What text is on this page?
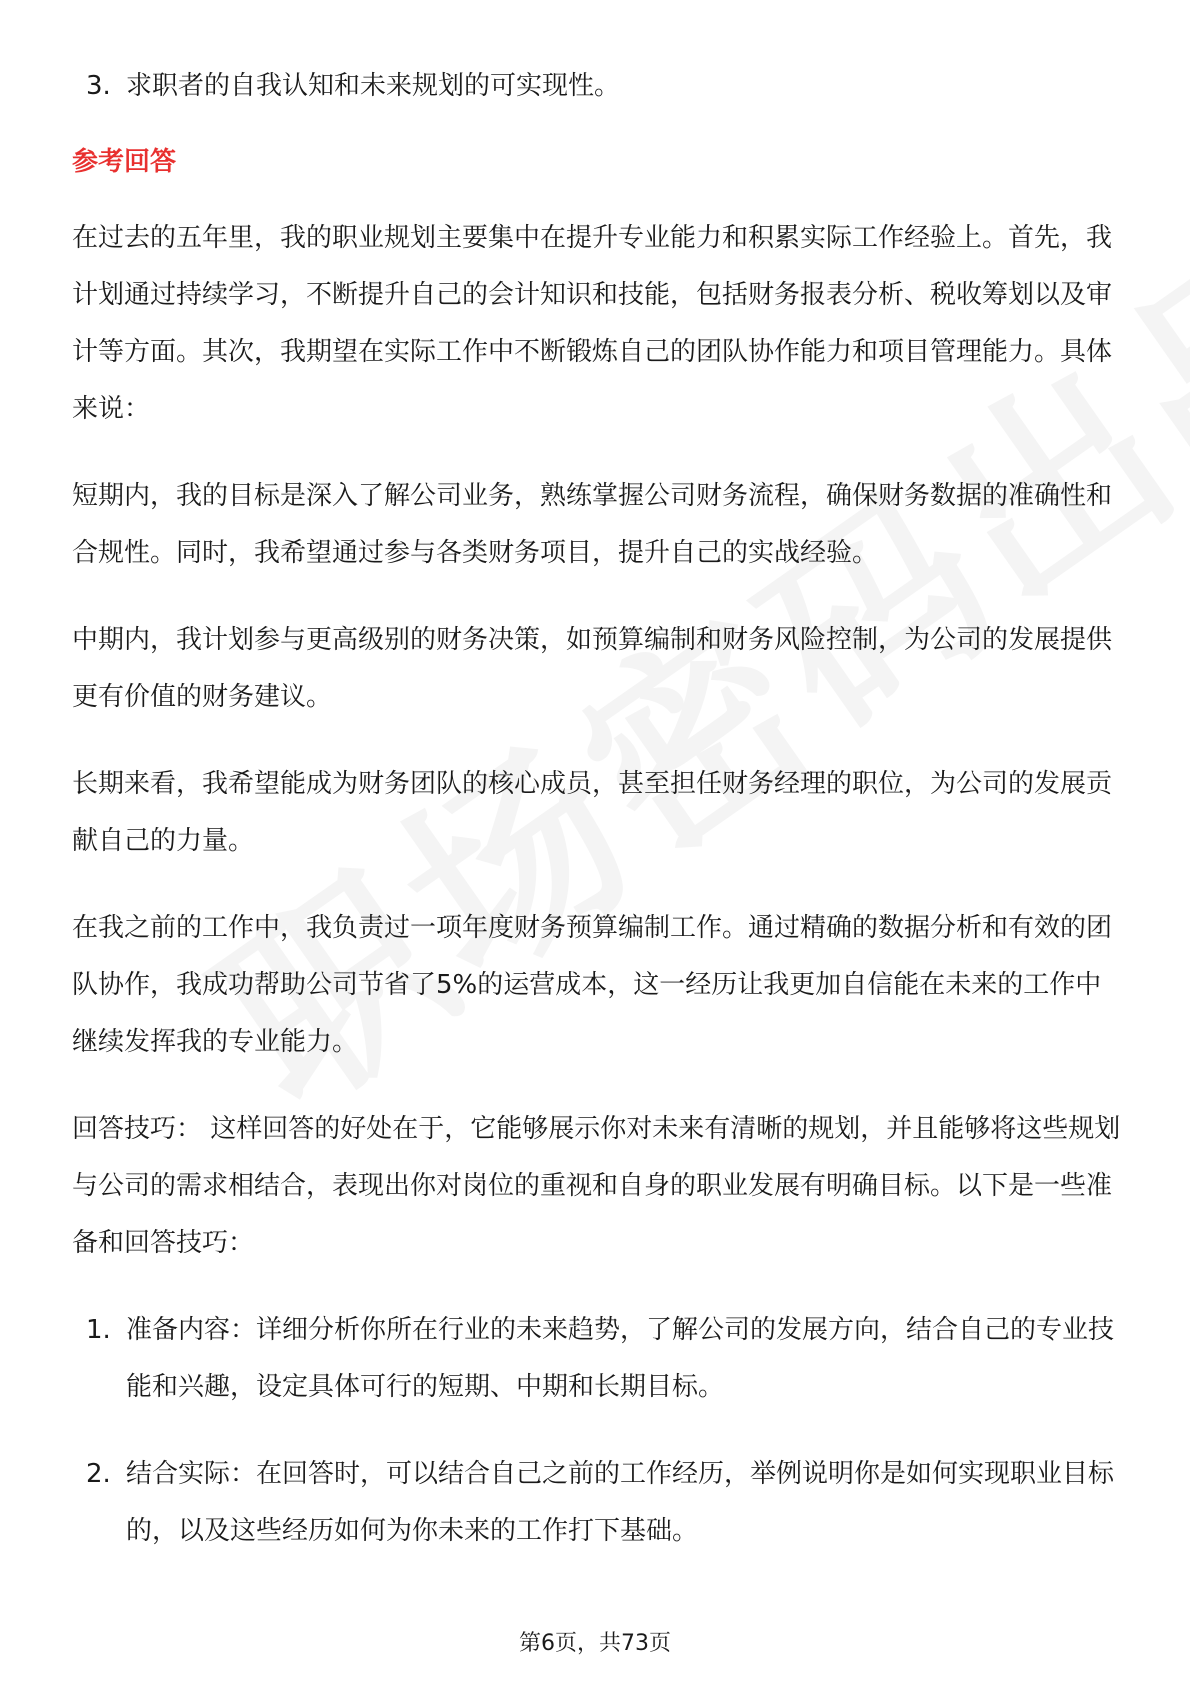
3. 求职者的自我认知和未来规划的可实现性。
参考回答

在过去的五年里，我的职业规划主要集中在提升专业能力和积累实际工作经验上。首先，我计划通过持续学习，不断提升自己的会计知识和技能，包括财务报表分析、税收筹划以及审计等方面。其次，我期望在实际工作中不断锻炼自己的团队协作能力和项目管理能力。具体来说：

短期内，我的目标是深入了解公司业务，熟练掌握公司财务流程，确保财务数据的准确性和合规性。同时，我希望通过参与各类财务项目，提升自己的实战经验。

中期内，我计划参与更高级别的财务决策，如预算编制和财务风险控制，为公司的发展提供更有价值的财务建议。

长期来看，我希望能成为财务团队的核心成员，甚至担任财务经理的职位，为公司的发展贡献自己的力量。

在我之前的工作中，我负责过一项年度财务预算编制工作。通过精确的数据分析和有效的团队协作，我成功帮助公司节省了5%的运营成本，这一经历让我更加自信能在未来的工作中继续发挥我的专业能力。

回答技巧： 这样回答的好处在于，它能够展示你对未来有清晰的规划，并且能够将这些规划与公司的需求相结合，表现出你对岗位的重视和自身的职业发展有明确目标。以下是一些准备和回答技巧：

1. 准备内容：详细分析你所在行业的未来趋势，了解公司的发展方向，结合自己的专业技能和兴趣，设定具体可行的短期、中期和长期目标。
2. 结合实际：在回答时，可以结合自己之前的工作经历，举例说明你是如何实现职业目标的，以及这些经历如何为你未来的工作打下基础。
第6页，共73页
